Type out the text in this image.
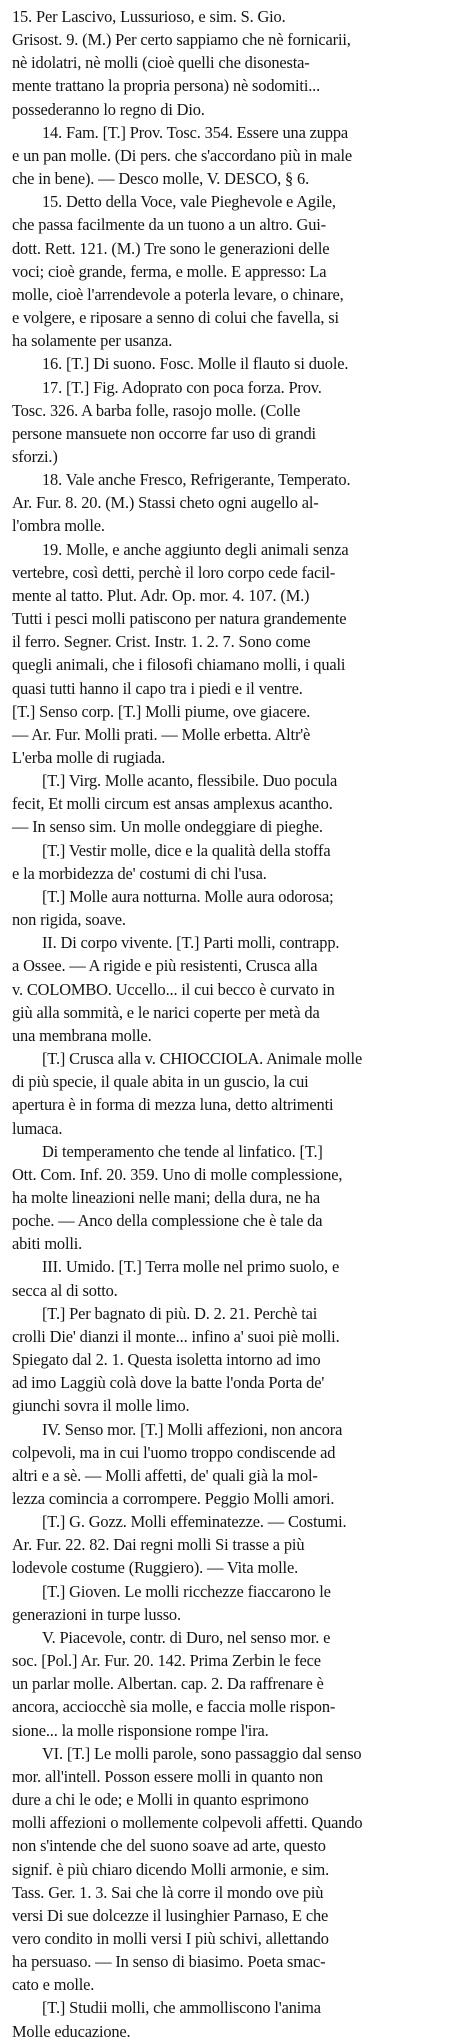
15. Per Lascivo, Lussurioso, e sim. S. Gio.
Grisost. 9. (M.) Per certo sappiamo che nè fornicarii,
nè idolatri, nè molli (cioè quelli che disonesta-
mente trattano la propria persona) nè sodomiti...
possederanno lo regno di Dio.
14. Fam. [T.] Prov. Tosc. 354. Essere una zuppa
e un pan molle. (Di pers. che s'accordano più in male
che in bene). — Desco molle, V. DESCO, § 6.
15. Detto della Voce, vale Pieghevole e Agile,
che passa facilmente da un tuono a un altro. Gui-
dott. Rett. 121. (M.) Tre sono le generazioni delle
voci; cioè grande, ferma, e molle. E appresso: La
molle, cioè l'arrendevole a poterla levare, o chinare,
e volgere, e riposare a senno di colui che favella, si
ha solamente per usanza.
16. [T.] Di suono. Fosc. Molle il flauto si duole.
17. [T.] Fig. Adoprato con poca forza. Prov.
Tosc. 326. A barba folle, rasojo molle. (Colle
persone mansuete non occorre far uso di grandi
sforzi.)
18. Vale anche Fresco, Refrigerante, Temperato.
Ar. Fur. 8. 20. (M.) Stassi cheto ogni augello al-
l'ombra molle.
19. Molle, e anche aggiunto degli animali senza
vertebre, così detti, perchè il loro corpo cede facil-
mente al tatto. Plut. Adr. Op. mor. 4. 107. (M.)
Tutti i pesci molli patiscono per natura grandemente
il ferro. Segner. Crist. Instr. 1. 2. 7. Sono come
quegli animali, che i filosofi chiamano molli, i quali
quasi tutti hanno il capo tra i piedi e il ventre.
[T.] Senso corp. [T.] Molli piume, ove giacere.
— Ar. Fur. Molli prati. — Molle erbetta. Altr'è
L'erba molle di rugiada.
[T.] Virg. Molle acanto, flessibile. Duo pocula
fecit, Et molli circum est ansas amplexus acantho.
— In senso sim. Un molle ondeggiare di pieghe.
[T.] Vestir molle, dice e la qualità della stoffa
e la morbidezza de' costumi di chi l'usa.
[T.] Molle aura notturna. Molle aura odorosa;
non rigida, soave.
II. Di corpo vivente. [T.] Parti molli, contrapp.
a Ossee. — A rigide e più resistenti, Crusca alla
v. COLOMBO. Uccello... il cui becco è curvato in
giù alla sommità, e le narici coperte per metà da
una membrana molle.
[T.] Crusca alla v. CHIOCCIOLA. Animale molle
di più specie, il quale abita in un guscio, la cui
apertura è in forma di mezza luna, detto altrimenti
lumaca.
Di temperamento che tende al linfatico. [T.]
Ott. Com. Inf. 20. 359. Uno di molle complessione,
ha molte lineazioni nelle mani; della dura, ne ha
poche. — Anco della complessione che è tale da
abiti molli.
III. Umido. [T.] Terra molle nel primo suolo, e
secca al di sotto.
[T.] Per bagnato di più. D. 2. 21. Perchè tai
crolli Die' dianzi il monte... infino a' suoi piè molli.
Spiegato dal 2. 1. Questa isoletta intorno ad imo
ad imo Laggiù colà dove la batte l'onda Porta de'
giunchi sovra il molle limo.
IV. Senso mor. [T.] Molli affezioni, non ancora
colpevoli, ma in cui l'uomo troppo condiscende ad
altri e a sè. — Molli affetti, de' quali già la mol-
lezza comincia a corrompere. Peggio Molli amori.
[T.] G. Gozz. Molli effeminatezze. — Costumi.
Ar. Fur. 22. 82. Dai regni molli Si trasse a più
lodevole costume (Ruggiero). — Vita molle.
[T.] Gioven. Le molli ricchezze fiaccarono le
generazioni in turpe lusso.
V. Piacevole, contr. di Duro, nel senso mor. e
soc. [Pol.] Ar. Fur. 20. 142. Prima Zerbin le fece
un parlar molle. Albertan. cap. 2. Da raffrenare è
ancora, acciocchè sia molle, e faccia molle rispon-
sione... la molle risponsione rompe l'ira.
VI. [T.] Le molli parole, sono passaggio dal senso
mor. all'intell. Posson essere molli in quanto non
dure a chi le ode; e Molli in quanto esprimono
molli affezioni o mollemente colpevoli affetti. Quando
non s'intende che del suono soave ad arte, questo
signif. è più chiaro dicendo Molli armonie, e sim.
Tass. Ger. 1. 3. Sai che là corre il mondo ove più
versi Di sue dolcezze il lusinghier Parnaso, E che
vero condito in molli versi I più schivi, allettando
ha persuaso. — In senso di biasimo. Poeta smac-
cato e molle.
[T.] Studii molli, che ammolliscono l'anima
Molle educazione.
